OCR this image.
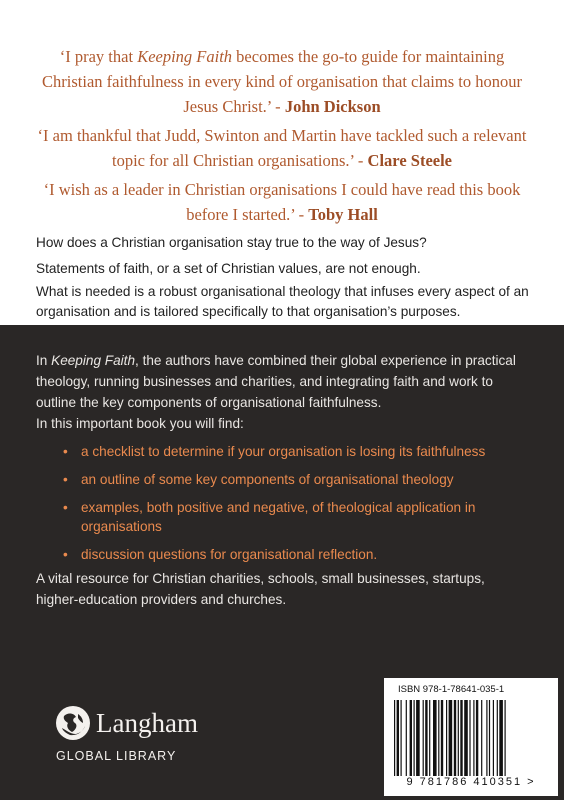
‘I pray that Keeping Faith becomes the go-to guide for maintaining Christian faithfulness in every kind of organisation that claims to honour Jesus Christ.’ - John Dickson
‘I am thankful that Judd, Swinton and Martin have tackled such a relevant topic for all Christian organisations.’ - Clare Steele
‘I wish as a leader in Christian organisations I could have read this book before I started.’ - Toby Hall
How does a Christian organisation stay true to the way of Jesus?
Statements of faith, or a set of Christian values, are not enough.
What is needed is a robust organisational theology that infuses every aspect of an organisation and is tailored specifically to that organisation’s purposes.
In Keeping Faith, the authors have combined their global experience in practical theology, running businesses and charities, and integrating faith and work to outline the key components of organisational faithfulness.
In this important book you will find:
• a checklist to determine if your organisation is losing its faithfulness
• an outline of some key components of organisational theology
• examples, both positive and negative, of theological application in organisations
• discussion questions for organisational reflection.
A vital resource for Christian charities, schools, small businesses, startups, higher-education providers and churches.
Langham
GLOBAL LIBRARY
ISBN 978-1-78641-035-1
9 781786 410351 >
